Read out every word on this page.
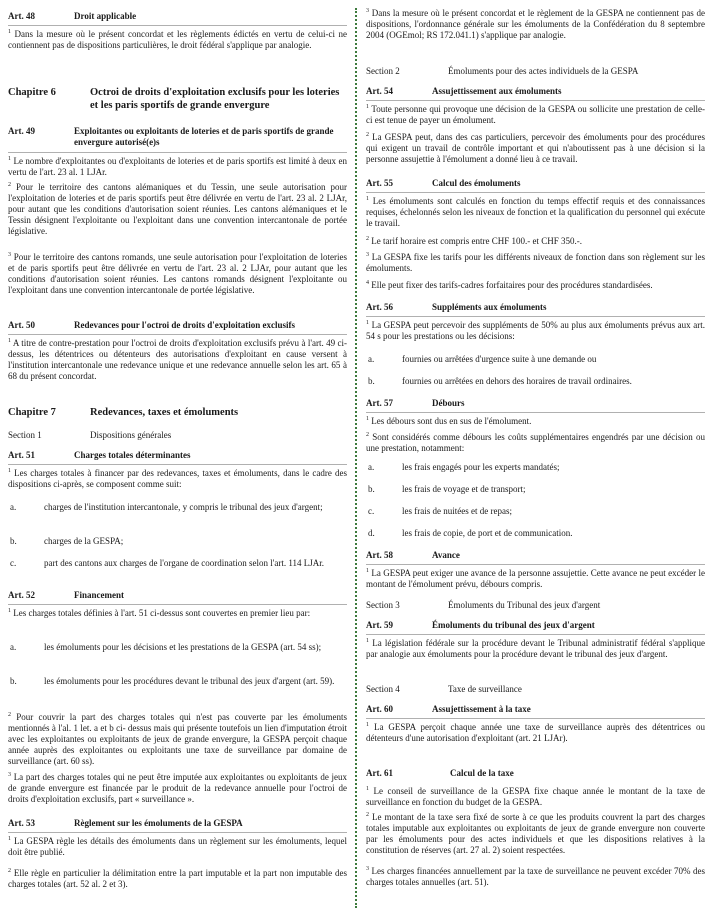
Art. 48	Droit applicable
$^1$ Dans la mesure où le présent concordat et les règlements édictés en vertu de celui-ci ne contiennent pas de dispositions particulières, le droit fédéral s'applique par analogie.
Chapitre 6	Octroi de droits d'exploitation exclusifs pour les loteries et les paris sportifs de grande envergure
Art. 49	Exploitantes ou exploitants de loteries et de paris sportifs de grande envergure autorisé(e)s
$^1$ Le nombre d'exploitantes ou d'exploitants de loteries et de paris sportifs est limité à deux en vertu de l'art. 23 al. 1 LJAr.
$^2$ Pour le territoire des cantons alémaniques et du Tessin, une seule autorisation pour l'exploitation de loteries et de paris sportifs peut être délivrée en vertu de l'art. 23 al. 2 LJAr, pour autant que les conditions d'autorisation soient réunies. Les cantons alémaniques et le Tessin désignent l'exploitante ou l'exploitant dans une convention intercantonale de portée législative.
$^3$ Pour le territoire des cantons romands, une seule autorisation pour l'exploitation de loteries et de paris sportifs peut être délivrée en vertu de l'art. 23 al. 2 LJAr, pour autant que les conditions d'autorisation soient réunies. Les cantons romands désignent l'exploitante ou l'exploitant dans une convention intercantonale de portée législative.
Art. 50	Redevances pour l'octroi de droits d'exploitation exclusifs
$^1$ A titre de contre-prestation pour l'octroi de droits d'exploitation exclusifs prévu à l'art. 49 ci-dessus, les détentrices ou détenteurs des autorisations d'exploitant en cause versent à l'institution intercantonale une redevance unique et une redevance annuelle selon les art. 65 à 68 du présent concordat.
Chapitre 7	Redevances, taxes et émoluments
Section 1	Dispositions générales
Art. 51	Charges totales déterminantes
$^1$ Les charges totales à financer par des redevances, taxes et émoluments, dans le cadre des dispositions ci-après, se composent comme suit:
a.	charges de l'institution intercantonale, y compris le tribunal des jeux d'argent;
b.	charges de la GESPA;
c.	part des cantons aux charges de l'organe de coordination selon l'art. 114 LJAr.
Art. 52	Financement
$^1$ Les charges totales définies à l'art. 51 ci-dessus sont couvertes en premier lieu par:
a.	les émoluments pour les décisions et les prestations de la GESPA (art. 54 ss);
b.	les émoluments pour les procédures devant le tribunal des jeux d'argent (art. 59).
$^2$ Pour couvrir la part des charges totales qui n'est pas couverte par les émoluments mentionnés à l'al. 1 let. a et b ci- dessus mais qui présente toutefois un lien d'imputation étroit avec les exploitantes ou exploitants de jeux de grande envergure, la GESPA perçoit chaque année auprès des exploitantes ou exploitants une taxe de surveillance par domaine de surveillance (art. 60 ss).
$^3$ La part des charges totales qui ne peut être imputée aux exploitantes ou exploitants de jeux de grande envergure est financée par le produit de la redevance annuelle pour l'octroi de droits d'exploitation exclusifs, part « surveillance ».
Art. 53	Règlement sur les émoluments de la GESPA
$^1$ La GESPA règle les détails des émoluments dans un règlement sur les émoluments, lequel doit être publié.
$^2$ Elle règle en particulier la délimitation entre la part imputable et la part non imputable des charges totales (art. 52 al. 2 et 3).
$^3$ Dans la mesure où le présent concordat et le règlement de la GESPA ne contiennent pas de dispositions, l'ordonnance générale sur les émoluments de la Confédération du 8 septembre 2004 (OGEmol; RS 172.041.1) s'applique par analogie.
Section 2	Émoluments pour des actes individuels de la GESPA
Art. 54	Assujettissement aux émoluments
$^1$ Toute personne qui provoque une décision de la GESPA ou sollicite une prestation de celle-ci est tenue de payer un émolument.
$^2$ La GESPA peut, dans des cas particuliers, percevoir des émoluments pour des procédures qui exigent un travail de contrôle important et qui n'aboutissent pas à une décision si la personne assujettie à l'émolument a donné lieu à ce travail.
Art. 55	Calcul des émoluments
$^1$ Les émoluments sont calculés en fonction du temps effectif requis et des connaissances requises, échelonnés selon les niveaux de fonction et la qualification du personnel qui exécute le travail.
$^2$ Le tarif horaire est compris entre CHF 100.- et CHF 350.-.
$^3$ La GESPA fixe les tarifs pour les différents niveaux de fonction dans son règlement sur les émoluments.
$^4$ Elle peut fixer des tarifs-cadres forfaitaires pour des procédures standardisées.
Art. 56	Suppléments aux émoluments
$^1$ La GESPA peut percevoir des suppléments de 50% au plus aux émoluments prévus aux art. 54 s pour les prestations ou les décisions:
a.	fournies ou arrêtées d'urgence suite à une demande ou
b.	fournies ou arrêtées en dehors des horaires de travail ordinaires.
Art. 57	Débours
$^1$ Les débours sont dus en sus de l'émolument.
$^2$ Sont considérés comme débours les coûts supplémentaires engendrés par une décision ou une prestation, notamment:
a.	les frais engagés pour les experts mandatés;
b.	les frais de voyage et de transport;
c.	les frais de nuitées et de repas;
d.	les frais de copie, de port et de communication.
Art. 58	Avance
$^1$ La GESPA peut exiger une avance de la personne assujettie. Cette avance ne peut excéder le montant de l'émolument prévu, débours compris.
Section 3	Émoluments du Tribunal des jeux d'argent
Art. 59	Émoluments du tribunal des jeux d'argent
$^1$ La législation fédérale sur la procédure devant le Tribunal administratif fédéral s'applique par analogie aux émoluments pour la procédure devant le tribunal des jeux d'argent.
Section 4	Taxe de surveillance
Art. 60	Assujettissement à la taxe
$^1$ La GESPA perçoit chaque année une taxe de surveillance auprès des détentrices ou détenteurs d'une autorisation d'exploitant (art. 21 LJAr).
Art. 61	Calcul de la taxe
$^1$ Le conseil de surveillance de la GESPA fixe chaque année le montant de la taxe de surveillance en fonction du budget de la GESPA.
$^2$ Le montant de la taxe sera fixé de sorte à ce que les produits couvrent la part des charges totales imputable aux exploitantes ou exploitants de jeux de grande envergure non couverte par les émoluments pour des actes individuels et que les dispositions relatives à la constitution de réserves (art. 27 al. 2) soient respectées.
$^3$ Les charges financées annuellement par la taxe de surveillance ne peuvent excéder 70% des charges totales annuelles (art. 51).
